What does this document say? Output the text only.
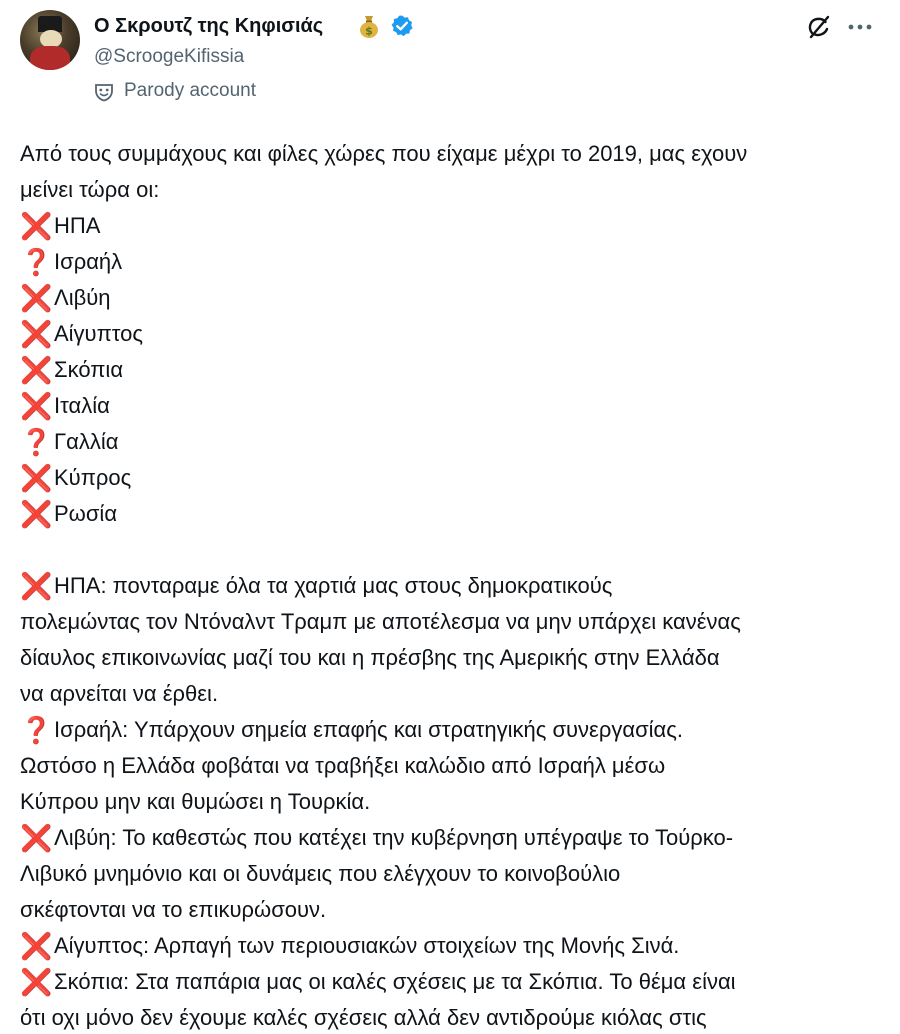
Ο Σκρουτζ της Κηφισιάς	$
@ScroogeKifissia
Parody account
Από τους συμμάχους και φίλες χώρες που είχαμε μέχρι το 2019, μας εχουν
μείνει τώρα οι:
❌ΗΠΑ
❓Ισραήλ
❌Λιβύη
❌Αίγυπτος
❌Σκόπια
❌Ιταλία
❓Γαλλία
❌Κύπρος
❌Ρωσία
❌ΗΠΑ: πονταραμε όλα τα χαρτιά μας στους δημοκρατικούς
πολεμώντας τον Ντόναλντ Τραμπ με αποτέλεσμα να μην υπάρχει κανένας
δίαυλος επικοινωνίας μαζί του και η πρέσβης της Αμερικής στην Ελλάδα
να αρνείται να έρθει.
❓Ισραήλ: Υπάρχουν σημεία επαφής και στρατηγικής συνεργασίας.
Ωστόσο η Ελλάδα φοβάται να τραβήξει καλώδιο από Ισραήλ μέσω
Κύπρου μην και θυμώσει η Τουρκία.
❌Λιβύη: Το καθεστώς που κατέχει την κυβέρνηση υπέγραψε το Τούρκο-
Λιβυκό μνημόνιο και οι δυνάμεις που ελέγχουν το κοινοβούλιο
σκέφτονται να το επικυρώσουν.
❌Αίγυπτος: Αρπαγή των περιουσιακών στοιχείων της Μονής Σινά.
❌Σκόπια: Στα παπάρια μας οι καλές σχέσεις με τα Σκόπια. Το θέμα είναι
ότι οχι μόνο δεν έχουμε καλές σχέσεις αλλά δεν αντιδρούμε κιόλας στις
